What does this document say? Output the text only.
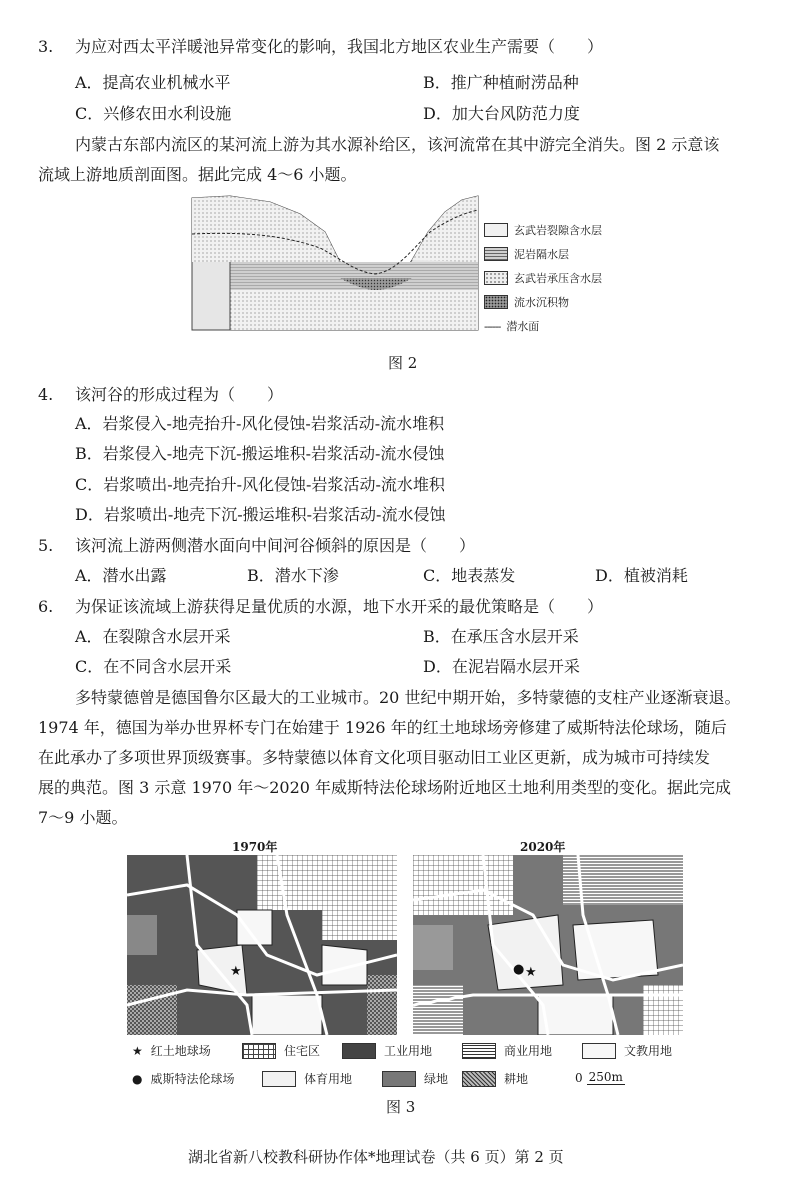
3. 为应对西太平洋暖池异常变化的影响，我国北方地区农业生产需要（　　）
A．提高农业机械水平	B．推广种植耐涝品种
C．兴修农田水利设施	D．加大台风防范力度
内蒙古东部内流区的某河流上游为其水源补给区，该河流常在其中游完全消失。图 2 示意该
流域上游地质剖面图。据此完成 4～6 小题。
玄武岩裂隙含水层
泥岩隔水层
玄武岩承压含水层
流水沉积物
------ 潜水面
图 2
4. 该河谷的形成过程为（　　）
A．岩浆侵入-地壳抬升-风化侵蚀-岩浆活动-流水堆积
B．岩浆侵入-地壳下沉-搬运堆积-岩浆活动-流水侵蚀
C．岩浆喷出-地壳抬升-风化侵蚀-岩浆活动-流水堆积
D．岩浆喷出-地壳下沉-搬运堆积-岩浆活动-流水侵蚀
5. 该河流上游两侧潜水面向中间河谷倾斜的原因是（　　）
A．潜水出露	B．潜水下渗	C．地表蒸发	D．植被消耗
6. 为保证该流域上游获得足量优质的水源，地下水开采的最优策略是（　　）
A．在裂隙含水层开采	B．在承压含水层开采
C．在不同含水层开采	D．在泥岩隔水层开采
多特蒙德曾是德国鲁尔区最大的工业城市。20 世纪中期开始，多特蒙德的支柱产业逐渐衰退。
1974 年，德国为举办世界杯专门在始建于 1926 年的红土地球场旁修建了威斯特法伦球场，随后
在此承办了多项世界顶级赛事。多特蒙德以体育文化项目驱动旧工业区更新，成为城市可持续发
展的典范。图 3 示意 1970 年～2020 年威斯特法伦球场附近地区土地利用类型的变化。据此完成
7～9 小题。
1970年	2020年
★	● ★
★ 红土地球场	住宅区	工业用地	商业用地	文教用地
● 威斯特法伦球场	体育用地	绿地	耕地	0 250m
图 3
湖北省新八校教科研协作体*地理试卷（共 6 页）第 2 页
